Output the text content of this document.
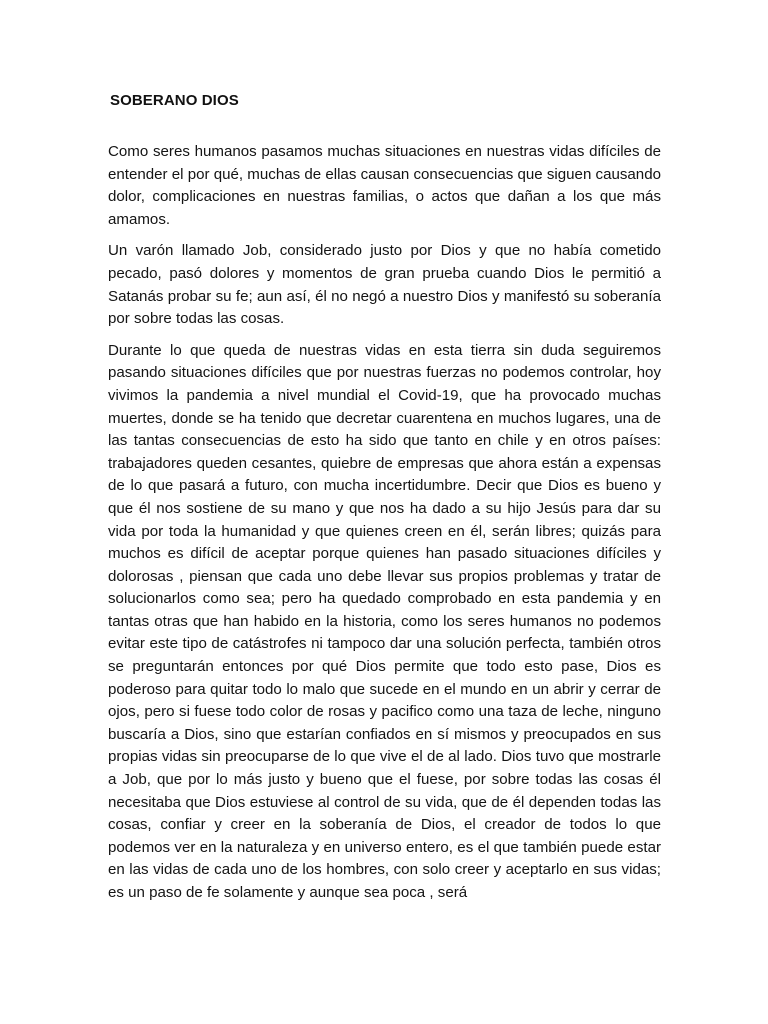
SOBERANO DIOS

Como seres humanos pasamos muchas situaciones en nuestras vidas difíciles de entender el por qué, muchas de ellas causan consecuencias que siguen causando dolor, complicaciones en nuestras familias, o actos que dañan a los que más amamos.

Un varón llamado Job, considerado justo por Dios y que no había cometido pecado, pasó dolores y momentos de gran prueba cuando Dios le permitió a Satanás probar su fe; aun así, él no negó a nuestro Dios y manifestó su soberanía por sobre todas las cosas.

Durante lo que queda de nuestras vidas en esta tierra sin duda seguiremos pasando situaciones difíciles que por nuestras fuerzas no podemos controlar, hoy vivimos la pandemia a nivel mundial el Covid-19, que ha provocado muchas muertes, donde se ha tenido que decretar cuarentena en muchos lugares, una de las tantas consecuencias de esto ha sido que tanto en chile y en otros países: trabajadores queden cesantes, quiebre de empresas que ahora están a expensas de lo que pasará a futuro, con mucha incertidumbre. Decir que Dios es bueno y que él nos sostiene de su mano y que nos ha dado a su hijo Jesús para dar su vida por toda la humanidad y que quienes creen en él, serán libres; quizás para muchos es difícil de aceptar porque quienes han pasado situaciones difíciles y dolorosas , piensan que cada uno debe llevar sus propios problemas y tratar de solucionarlos como sea; pero ha quedado comprobado en esta pandemia y en tantas otras que han habido en la historia, como los seres humanos no podemos evitar este tipo de catástrofes ni tampoco dar una solución perfecta, también otros se preguntarán entonces por qué Dios permite que todo esto pase, Dios es poderoso para quitar todo lo malo que sucede en el mundo en un abrir y cerrar de ojos, pero si fuese todo color de rosas y pacifico como una taza de leche, ninguno buscaría a Dios, sino que estarían confiados en sí mismos y preocupados en sus propias vidas sin preocuparse de lo que vive el de al lado. Dios tuvo que mostrarle a Job, que por lo más justo y bueno que el fuese, por sobre todas las cosas él necesitaba que Dios estuviese al control de su vida, que de él dependen todas las cosas, confiar y creer en la soberanía de Dios, el creador de todos lo que podemos ver en la naturaleza y en universo entero, es el que también puede estar en las vidas de cada uno de los hombres, con solo creer y aceptarlo en sus vidas; es un paso de fe solamente y aunque sea poca , será
